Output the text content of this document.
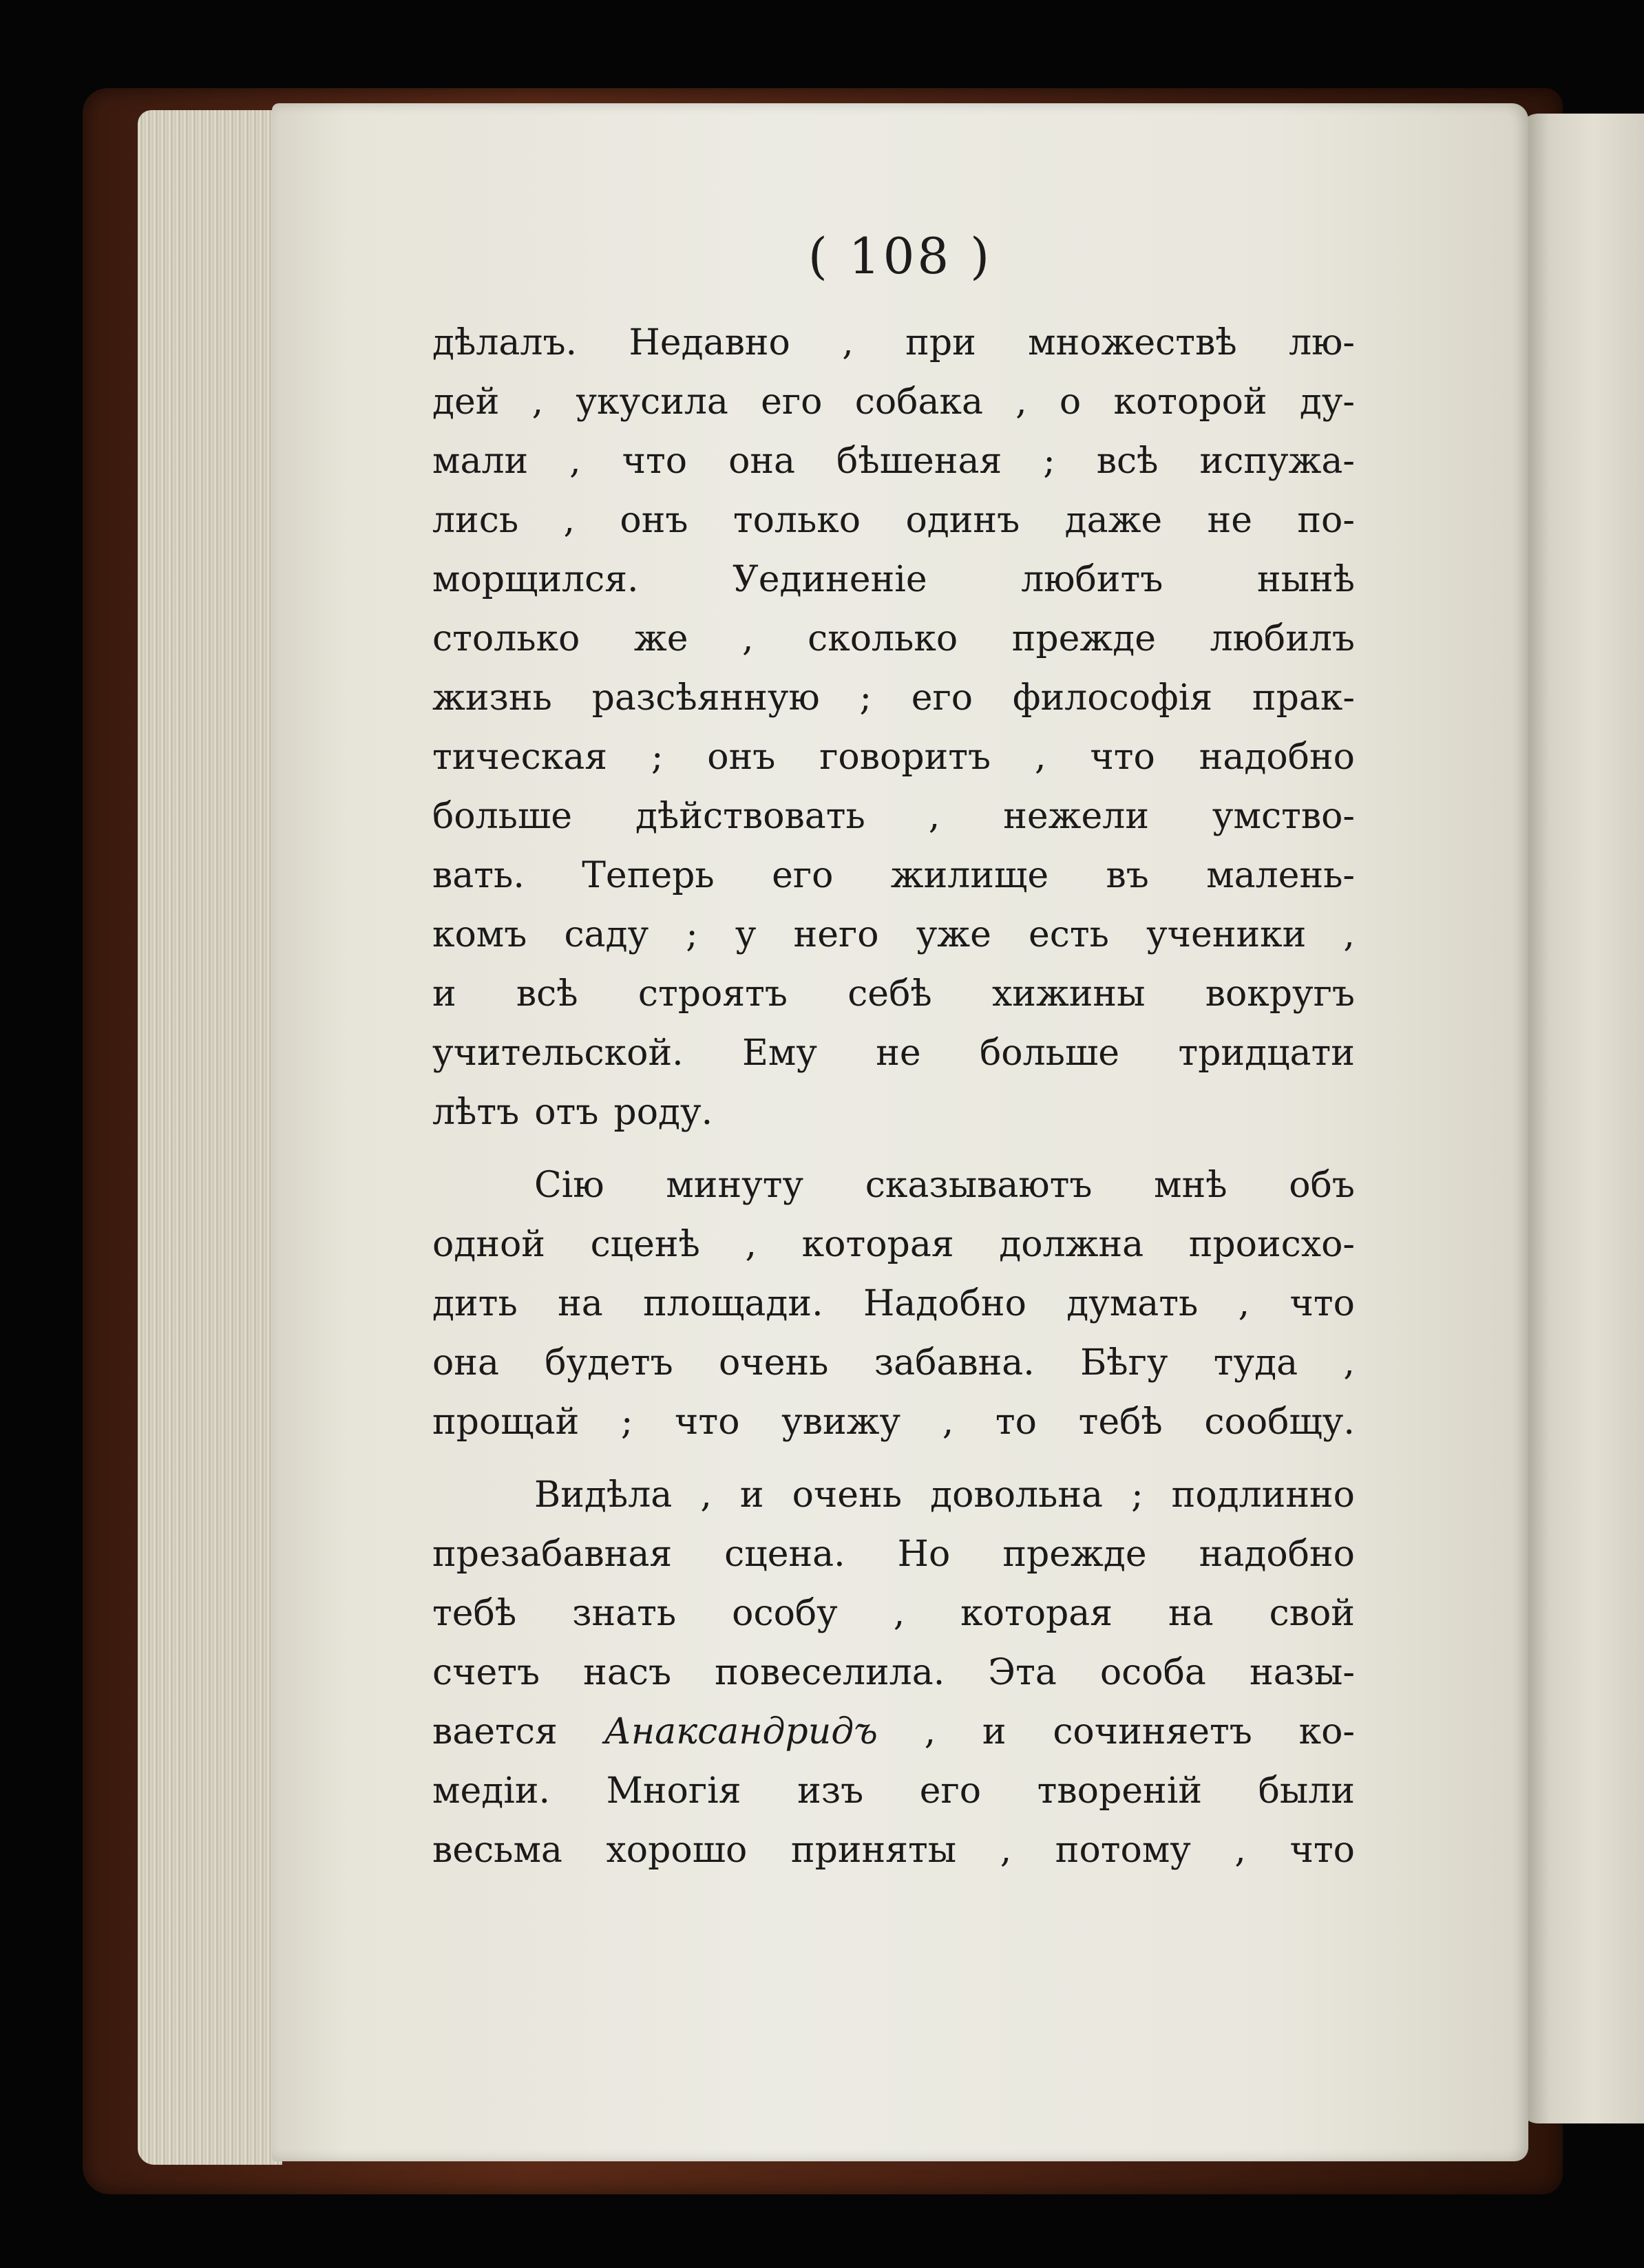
( 108 )
дѣлалъ. Недавно , при множествѣ лю-
дей , укусила его собака , о которой ду-
мали , что она бѣшеная ; всѣ испужа-
лись , онъ только одинъ даже не по-
морщился.	Уединеніе	любитъ	нынѣ
столько же , сколько прежде любилъ
жизнь разсѣянную ; его философія прак-
тическая ; онъ говоритъ , что надобно
больше дѣйствовать , нежели умство-
вать. Теперь его жилище въ малень-
комъ саду ; у него уже есть ученики ,
и всѣ строятъ себѣ хижины вокругъ
учительской. Ему не больше тридцати
лѣтъ отъ роду.
Сію минуту сказываютъ мнѣ объ
одной сценѣ , которая должна происхо-
дить на площади. Надобно думать , что
она будетъ очень забавна. Бѣгу туда ,
прощай ; что увижу , то тебѣ сообщу.
Видѣла , и очень довольна ; подлинно
презабавная сцена. Но прежде надобно
тебѣ знать особу , которая на свой
счетъ насъ повеселила. Эта особа назы-
вается Анаксандридъ , и сочиняетъ ко-
медіи. Многія изъ его твореній были
весьма хорошо приняты , потому , что
